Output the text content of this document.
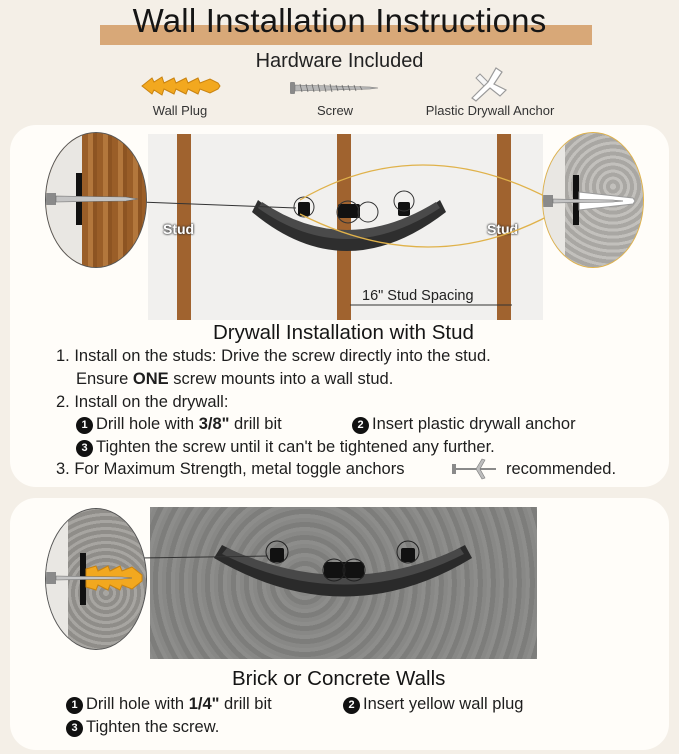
Wall Installation Instructions
Hardware Included
Wall Plug	Screw	Plastic Drywall Anchor
Stud	Stud
16" Stud Spacing
Drywall Installation with Stud
1. Install on the studs: Drive the screw directly into the stud.
Ensure ONE screw mounts into a wall stud.
2. Install on the drywall:
1 Drill hole with 3/8" drill bit	2 Insert plastic drywall anchor
3 Tighten the screw until it can't be tightened any further.
3. For Maximum Strength, metal toggle anchors	recommended.
Brick or Concrete Walls
1 Drill hole with 1/4" drill bit	2 Insert yellow wall plug
3 Tighten the screw.
